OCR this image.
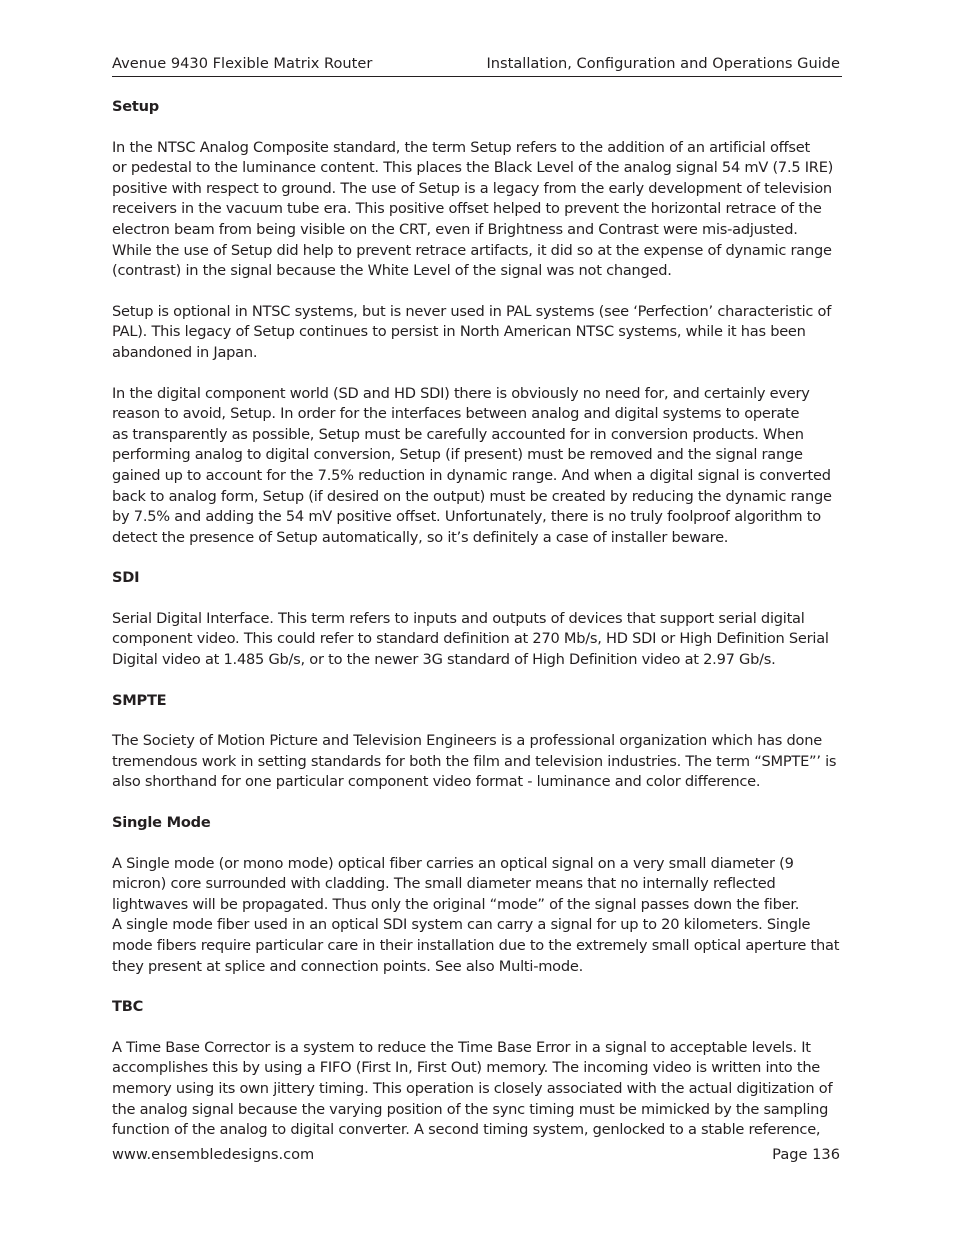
Avenue 9430 Flexible Matrix Router	Installation, Configuration and Operations Guide
Setup
In the NTSC Analog Composite standard, the term Setup refers to the addition of an artificial offset
or pedestal to the luminance content. This places the Black Level of the analog signal 54 mV (7.5 IRE)
positive with respect to ground. The use of Setup is a legacy from the early development of television
receivers in the vacuum tube era. This positive offset helped to prevent the horizontal retrace of the
electron beam from being visible on the CRT, even if Brightness and Contrast were mis-adjusted.
While the use of Setup did help to prevent retrace artifacts, it did so at the expense of dynamic range
(contrast) in the signal because the White Level of the signal was not changed.
Setup is optional in NTSC systems, but is never used in PAL systems (see ‘Perfection’ characteristic of
PAL). This legacy of Setup continues to persist in North American NTSC systems, while it has been
abandoned in Japan.
In the digital component world (SD and HD SDI) there is obviously no need for, and certainly every
reason to avoid, Setup. In order for the interfaces between analog and digital systems to operate
as transparently as possible, Setup must be carefully accounted for in conversion products. When
performing analog to digital conversion, Setup (if present) must be removed and the signal range
gained up to account for the 7.5% reduction in dynamic range. And when a digital signal is converted
back to analog form, Setup (if desired on the output) must be created by reducing the dynamic range
by 7.5% and adding the 54 mV positive offset. Unfortunately, there is no truly foolproof algorithm to
detect the presence of Setup automatically, so it’s definitely a case of installer beware.
SDI
Serial Digital Interface. This term refers to inputs and outputs of devices that support serial digital
component video. This could refer to standard definition at 270 Mb/s, HD SDI or High Definition Serial
Digital video at 1.485 Gb/s, or to the newer 3G standard of High Definition video at 2.97 Gb/s.
SMPTE
The Society of Motion Picture and Television Engineers is a professional organization which has done
tremendous work in setting standards for both the film and television industries. The term “SMPTE”’ is
also shorthand for one particular component video format - luminance and color difference.
Single Mode
A Single mode (or mono mode) optical fiber carries an optical signal on a very small diameter (9
micron) core surrounded with cladding. The small diameter means that no internally reflected
lightwaves will be propagated. Thus only the original “mode” of the signal passes down the fiber.
A single mode fiber used in an optical SDI system can carry a signal for up to 20 kilometers. Single
mode fibers require particular care in their installation due to the extremely small optical aperture that
they present at splice and connection points. See also Multi-mode.
TBC
A Time Base Corrector is a system to reduce the Time Base Error in a signal to acceptable levels. It
accomplishes this by using a FIFO (First In, First Out) memory. The incoming video is written into the
memory using its own jittery timing. This operation is closely associated with the actual digitization of
the analog signal because the varying position of the sync timing must be mimicked by the sampling
function of the analog to digital converter. A second timing system, genlocked to a stable reference,
www.ensembledesigns.com	Page 136
